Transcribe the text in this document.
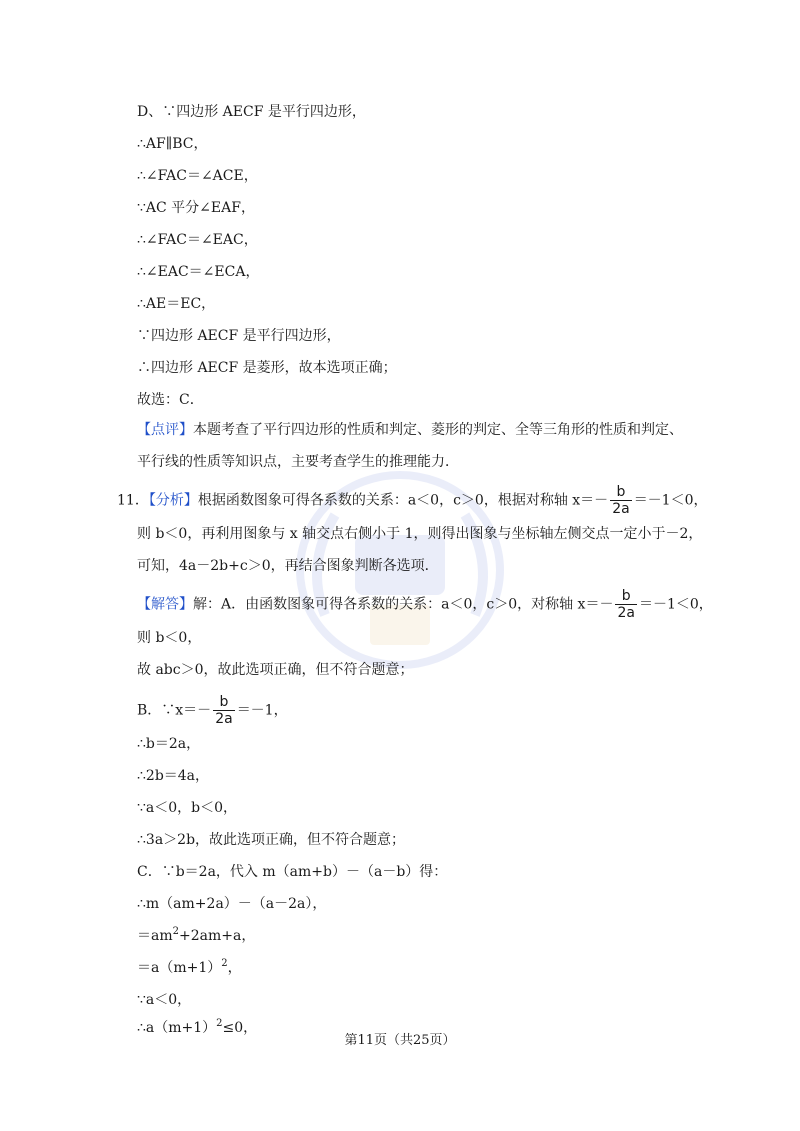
D、∵四边形 AECF 是平行四边形，
∴AF∥BC，
∴∠FAC＝∠ACE，
∵AC 平分∠EAF，
∴∠FAC＝∠EAC，
∴∠EAC＝∠ECA，
∴AE＝EC，
∵四边形 AECF 是平行四边形，
∴四边形 AECF 是菱形，故本选项正确；
故选：C．
【点评】本题考查了平行四边形的性质和判定、菱形的判定、全等三角形的性质和判定、
平行线的性质等知识点，主要考查学生的推理能力．
11．【分析】根据函数图象可得各系数的关系：a＜0，c＞0，根据对称轴 $x=- \frac{b}{2a} =-1<0$，
则 b＜0，再利用图象与 x 轴交点右侧小于 1，则得出图象与坐标轴左侧交点一定小于－2，
可知，4a－2b+c＞0，再结合图象判断各选项．
【解答】解：A．由函数图象可得各系数的关系：a＜0，c＞0，对称轴 $x=- \frac{b}{2a} =-1<0$，
则 b＜0，
故 abc＞0，故此选项正确，但不符合题意；
B．∵x＝－ $\frac{b}{2a} =-1$，
∴b＝2a，
∴2b＝4a，
∵a＜0，b＜0，
∴3a＞2b，故此选项正确，但不符合题意；
C．∵b＝2a，代入 m（am+b）－（a－b）得：
∴m（am+2a）－（a－2a），
$=am^2+2am+a$，
$=a(m+1)^2$，
∵a＜0，
$\therefore a(m+1)^2\le 0$，
第11页（共25页）
